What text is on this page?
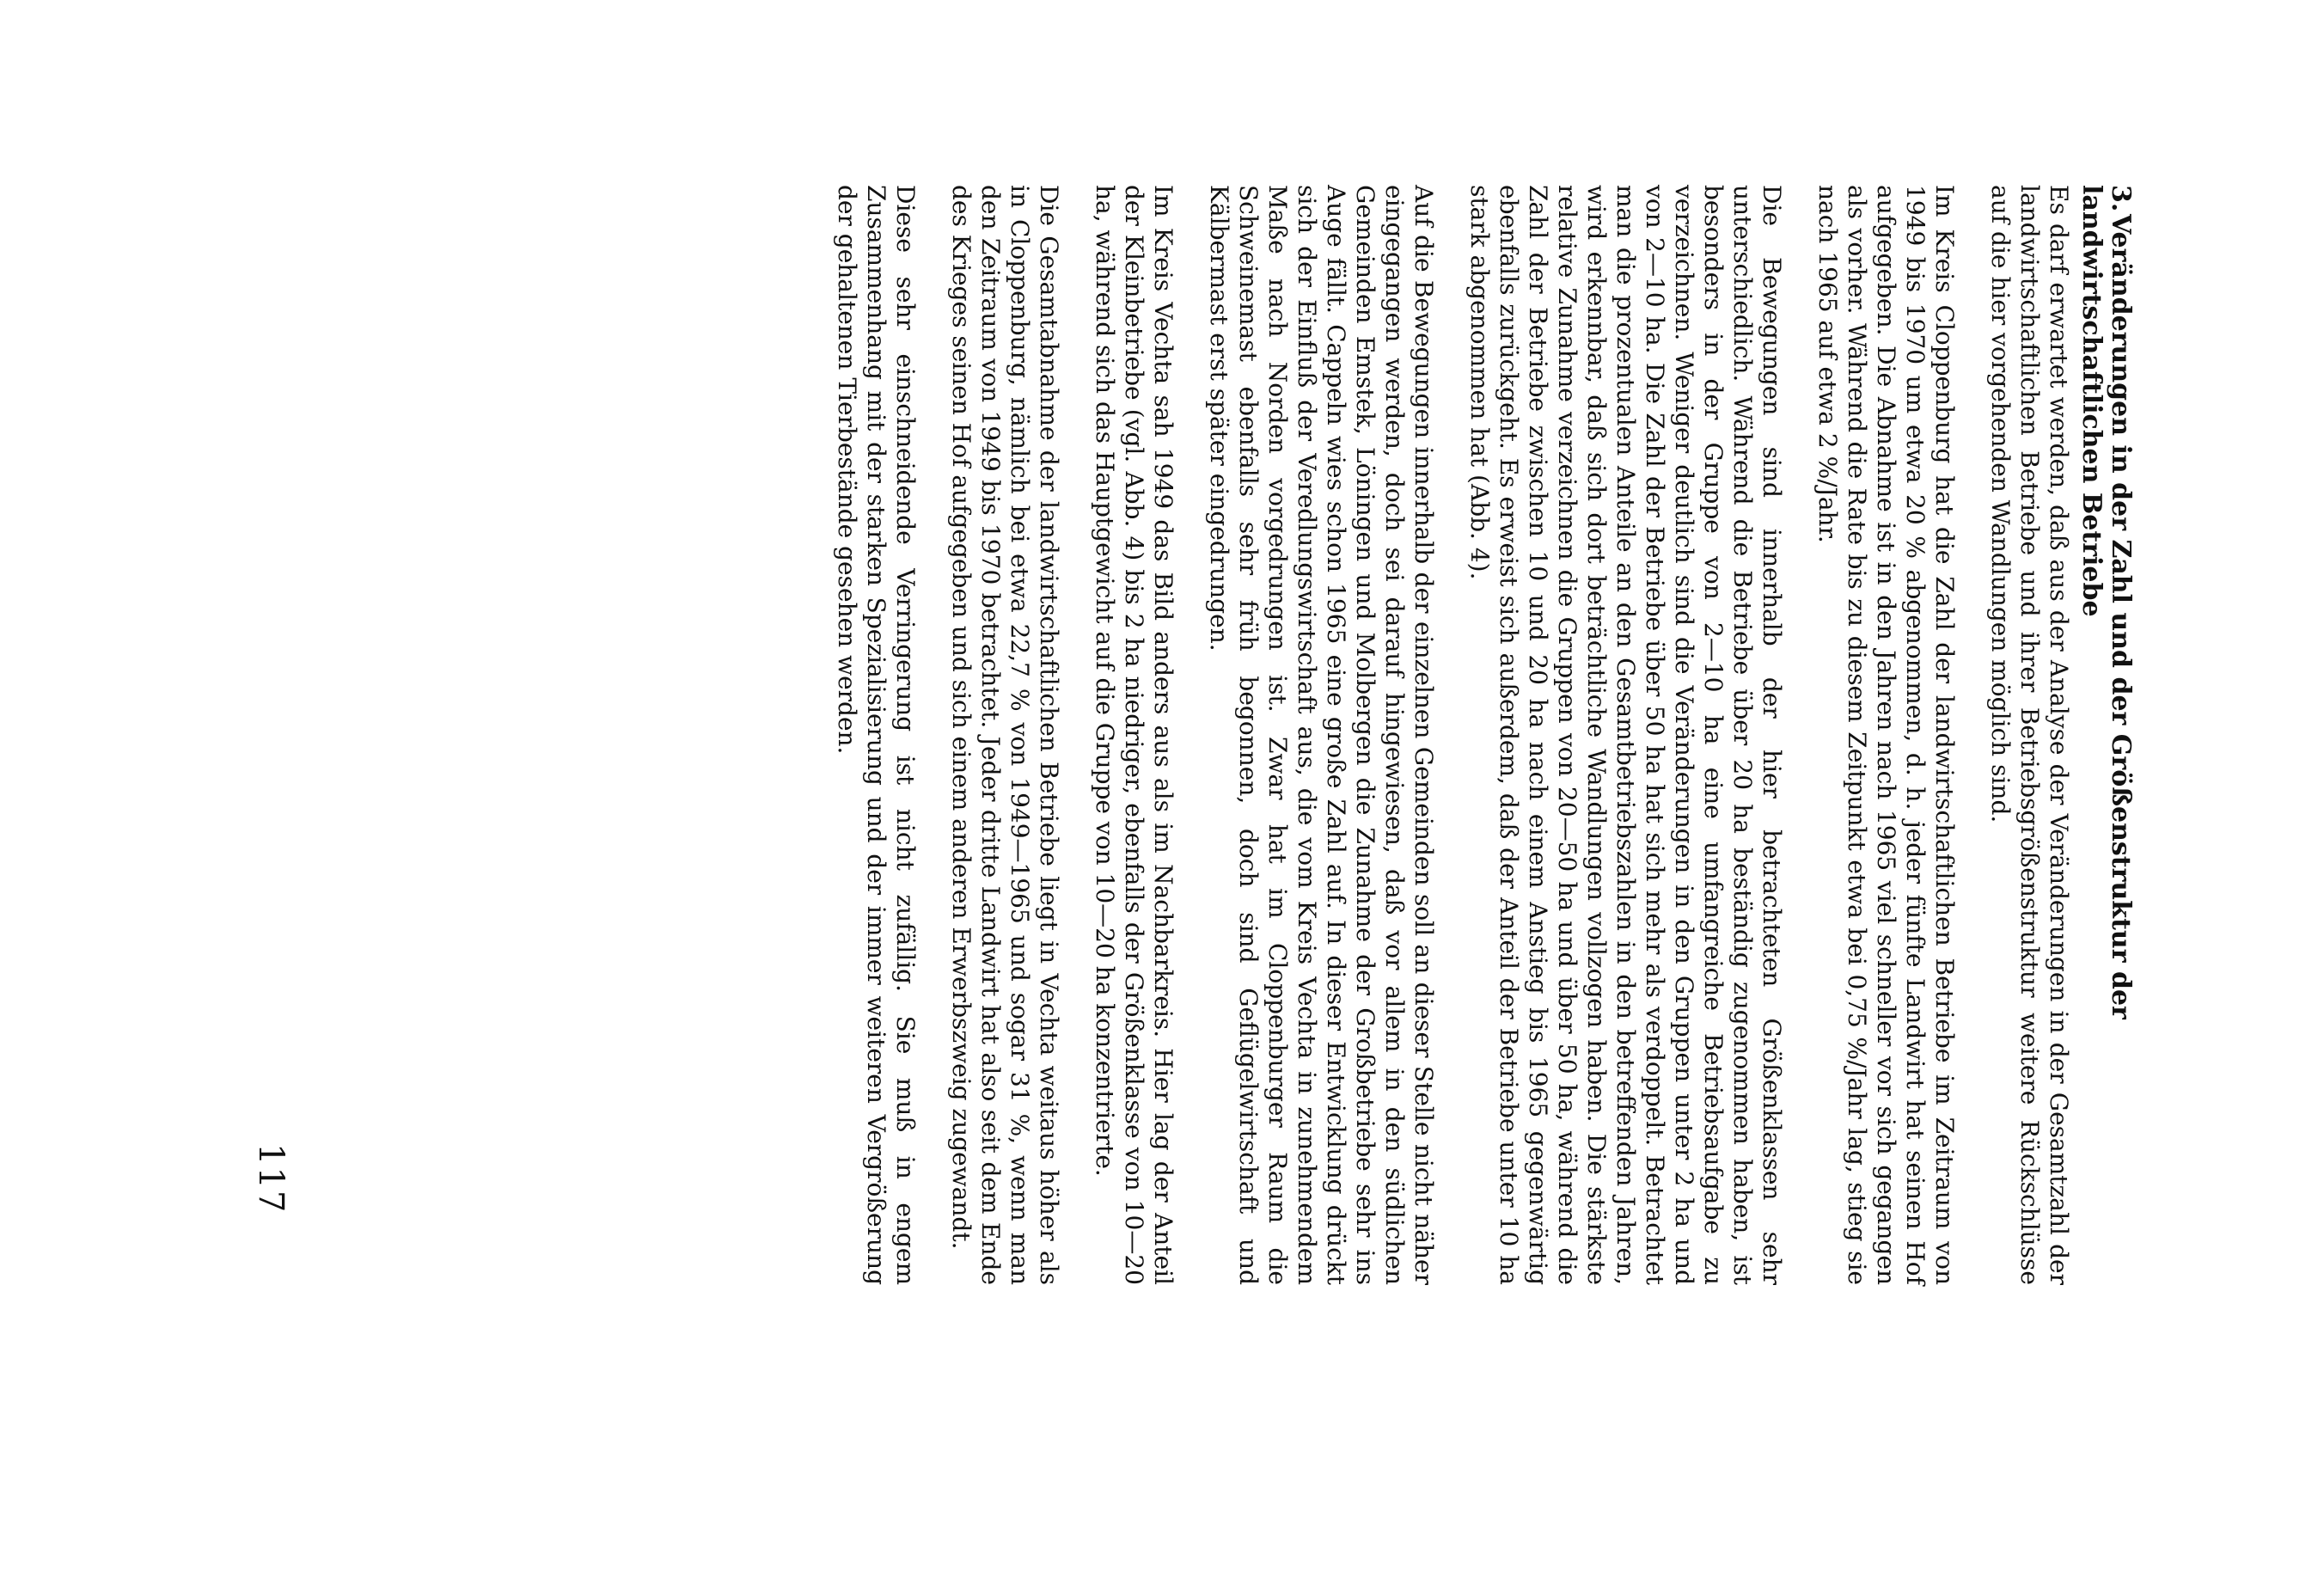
3.Veränderungen in der Zahl und der Größenstruktur der landwirtschaftlichen Betriebe

Es darf erwartet werden, daß aus der Analyse der Veränderungen in der Gesamtzahl der landwirtschaftlichen Betriebe und ihrer Betriebsgrößenstruktur weitere Rückschlüsse auf die hier vorgehenden Wandlungen möglich sind.

Im Kreis Cloppenburg hat die Zahl der landwirtschaftlichen Betriebe im Zeitraum von 1949 bis 1970 um etwa 20 % abgenommen, d. h. jeder fünfte Landwirt hat seinen Hof aufgegeben. Die Abnahme ist in den Jahren nach 1965 viel schneller vor sich gegangen als vorher. Während die Rate bis zu diesem Zeitpunkt etwa bei 0,75 %/Jahr lag, stieg sie nach 1965 auf etwa 2 %/Jahr.

Die Bewegungen sind innerhalb der hier betrachteten Größenklassen sehr unterschiedlich. Während die Betriebe über 20 ha beständig zugenommen haben, ist besonders in der Gruppe von 2—10 ha eine umfangreiche Betriebsaufgabe zu verzeichnen. Weniger deutlich sind die Veränderungen in den Gruppen unter 2 ha und von 2—10 ha. Die Zahl der Betriebe über 50 ha hat sich mehr als verdoppelt. Betrachtet man die prozentualen Anteile an den Gesamtbetriebszahlen in den betreffenden Jahren, wird erkennbar, daß sich dort beträchtliche Wandlungen vollzogen haben. Die stärkste relative Zunahme verzeichnen die Gruppen von 20—50 ha und über 50 ha, während die Zahl der Betriebe zwischen 10 und 20 ha nach einem Anstieg bis 1965 gegenwärtig ebenfalls zurückgeht. Es erweist sich außerdem, daß der Anteil der Betriebe unter 10 ha stark abgenommen hat (Abb. 4).

Auf die Bewegungen innerhalb der einzelnen Gemeinden soll an dieser Stelle nicht näher eingegangen werden, doch sei darauf hingewiesen, daß vor allem in den südlichen Gemeinden Emstek, Löningen und Molbergen die Zunahme der Großbetriebe sehr ins Auge fällt. Cappeln wies schon 1965 eine große Zahl auf. In dieser Entwicklung drückt sich der Einfluß der Veredlungswirtschaft aus, die vom Kreis Vechta in zunehmendem Maße nach Norden vorgedrungen ist. Zwar hat im Cloppenburger Raum die Schweinemast ebenfalls sehr früh begonnen, doch sind Geflügelwirtschaft und Kälbermast erst später eingedrungen.

Im Kreis Vechta sah 1949 das Bild anders aus als im Nachbarkreis. Hier lag der Anteil der Kleinbetriebe (vgl. Abb. 4) bis 2 ha niedriger, ebenfalls der Größenklasse von 10—20 ha, während sich das Hauptgewicht auf die Gruppe von 10—20 ha konzentrierte.

Die Gesamtabnahme der landwirtschaftlichen Betriebe liegt in Vechta weitaus höher als in Cloppenburg, nämlich bei etwa 22,7 % von 1949—1965 und sogar 31 %, wenn man den Zeitraum von 1949 bis 1970 betrachtet. Jeder dritte Landwirt hat also seit dem Ende des Krieges seinen Hof aufgegeben und sich einem anderen Erwerbszweig zugewandt.

Diese sehr einschneidende Verringerung ist nicht zufällig. Sie muß in engem Zusammenhang mit der starken Spezialisierung und der immer weiteren Vergrößerung der gehaltenen Tierbestände gesehen werden.

117
